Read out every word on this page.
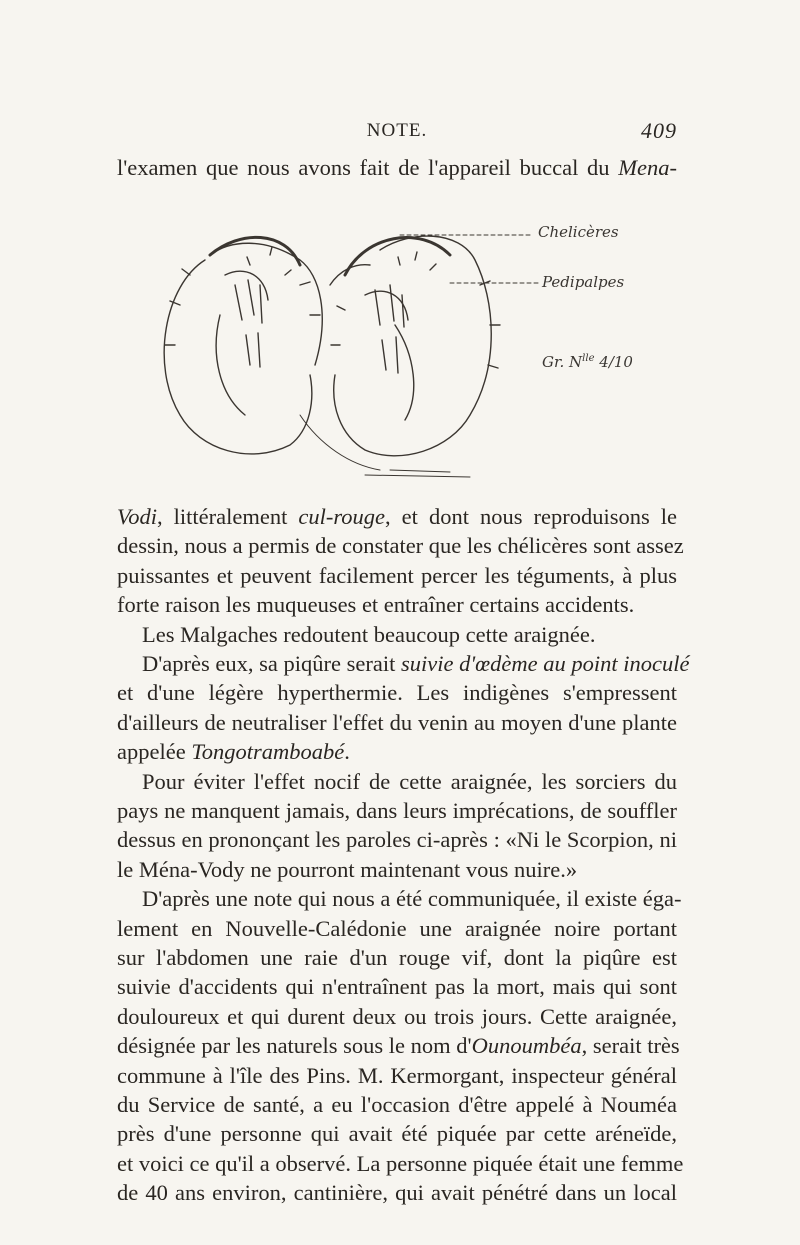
NOTE.	409
l'examen que nous avons fait de l'appareil buccal du Mena-
Chelicères
Pedipalpes
Gr. $N^{lle}$ 4/10
Vodi, littéralement cul-rouge, et dont nous reproduisons le
dessin, nous a permis de constater que les chélicères sont assez
puissantes et peuvent facilement percer les téguments, à plus
forte raison les muqueuses et entraîner certains accidents.
Les Malgaches redoutent beaucoup cette araignée.
D'après eux, sa piqûre serait suivie d'œdème au point inoculé
et d'une légère hyperthermie. Les indigènes s'empressent
d'ailleurs de neutraliser l'effet du venin au moyen d'une plante
appelée Tongotramboabé.
Pour éviter l'effet nocif de cette araignée, les sorciers du
pays ne manquent jamais, dans leurs imprécations, de souffler
dessus en prononçant les paroles ci-après : «Ni le Scorpion, ni
le Ména-Vody ne pourront maintenant vous nuire.»
D'après une note qui nous a été communiquée, il existe éga-
lement en Nouvelle-Calédonie une araignée noire portant
sur l'abdomen une raie d'un rouge vif, dont la piqûre est
suivie d'accidents qui n'entraînent pas la mort, mais qui sont
douloureux et qui durent deux ou trois jours. Cette araignée,
désignée par les naturels sous le nom d'Ounoumbéa, serait très
commune à l'île des Pins. M. Kermorgant, inspecteur général
du Service de santé, a eu l'occasion d'être appelé à Nouméa
près d'une personne qui avait été piquée par cette aréneïde,
et voici ce qu'il a observé. La personne piquée était une femme
de 40 ans environ, cantinière, qui avait pénétré dans un local
